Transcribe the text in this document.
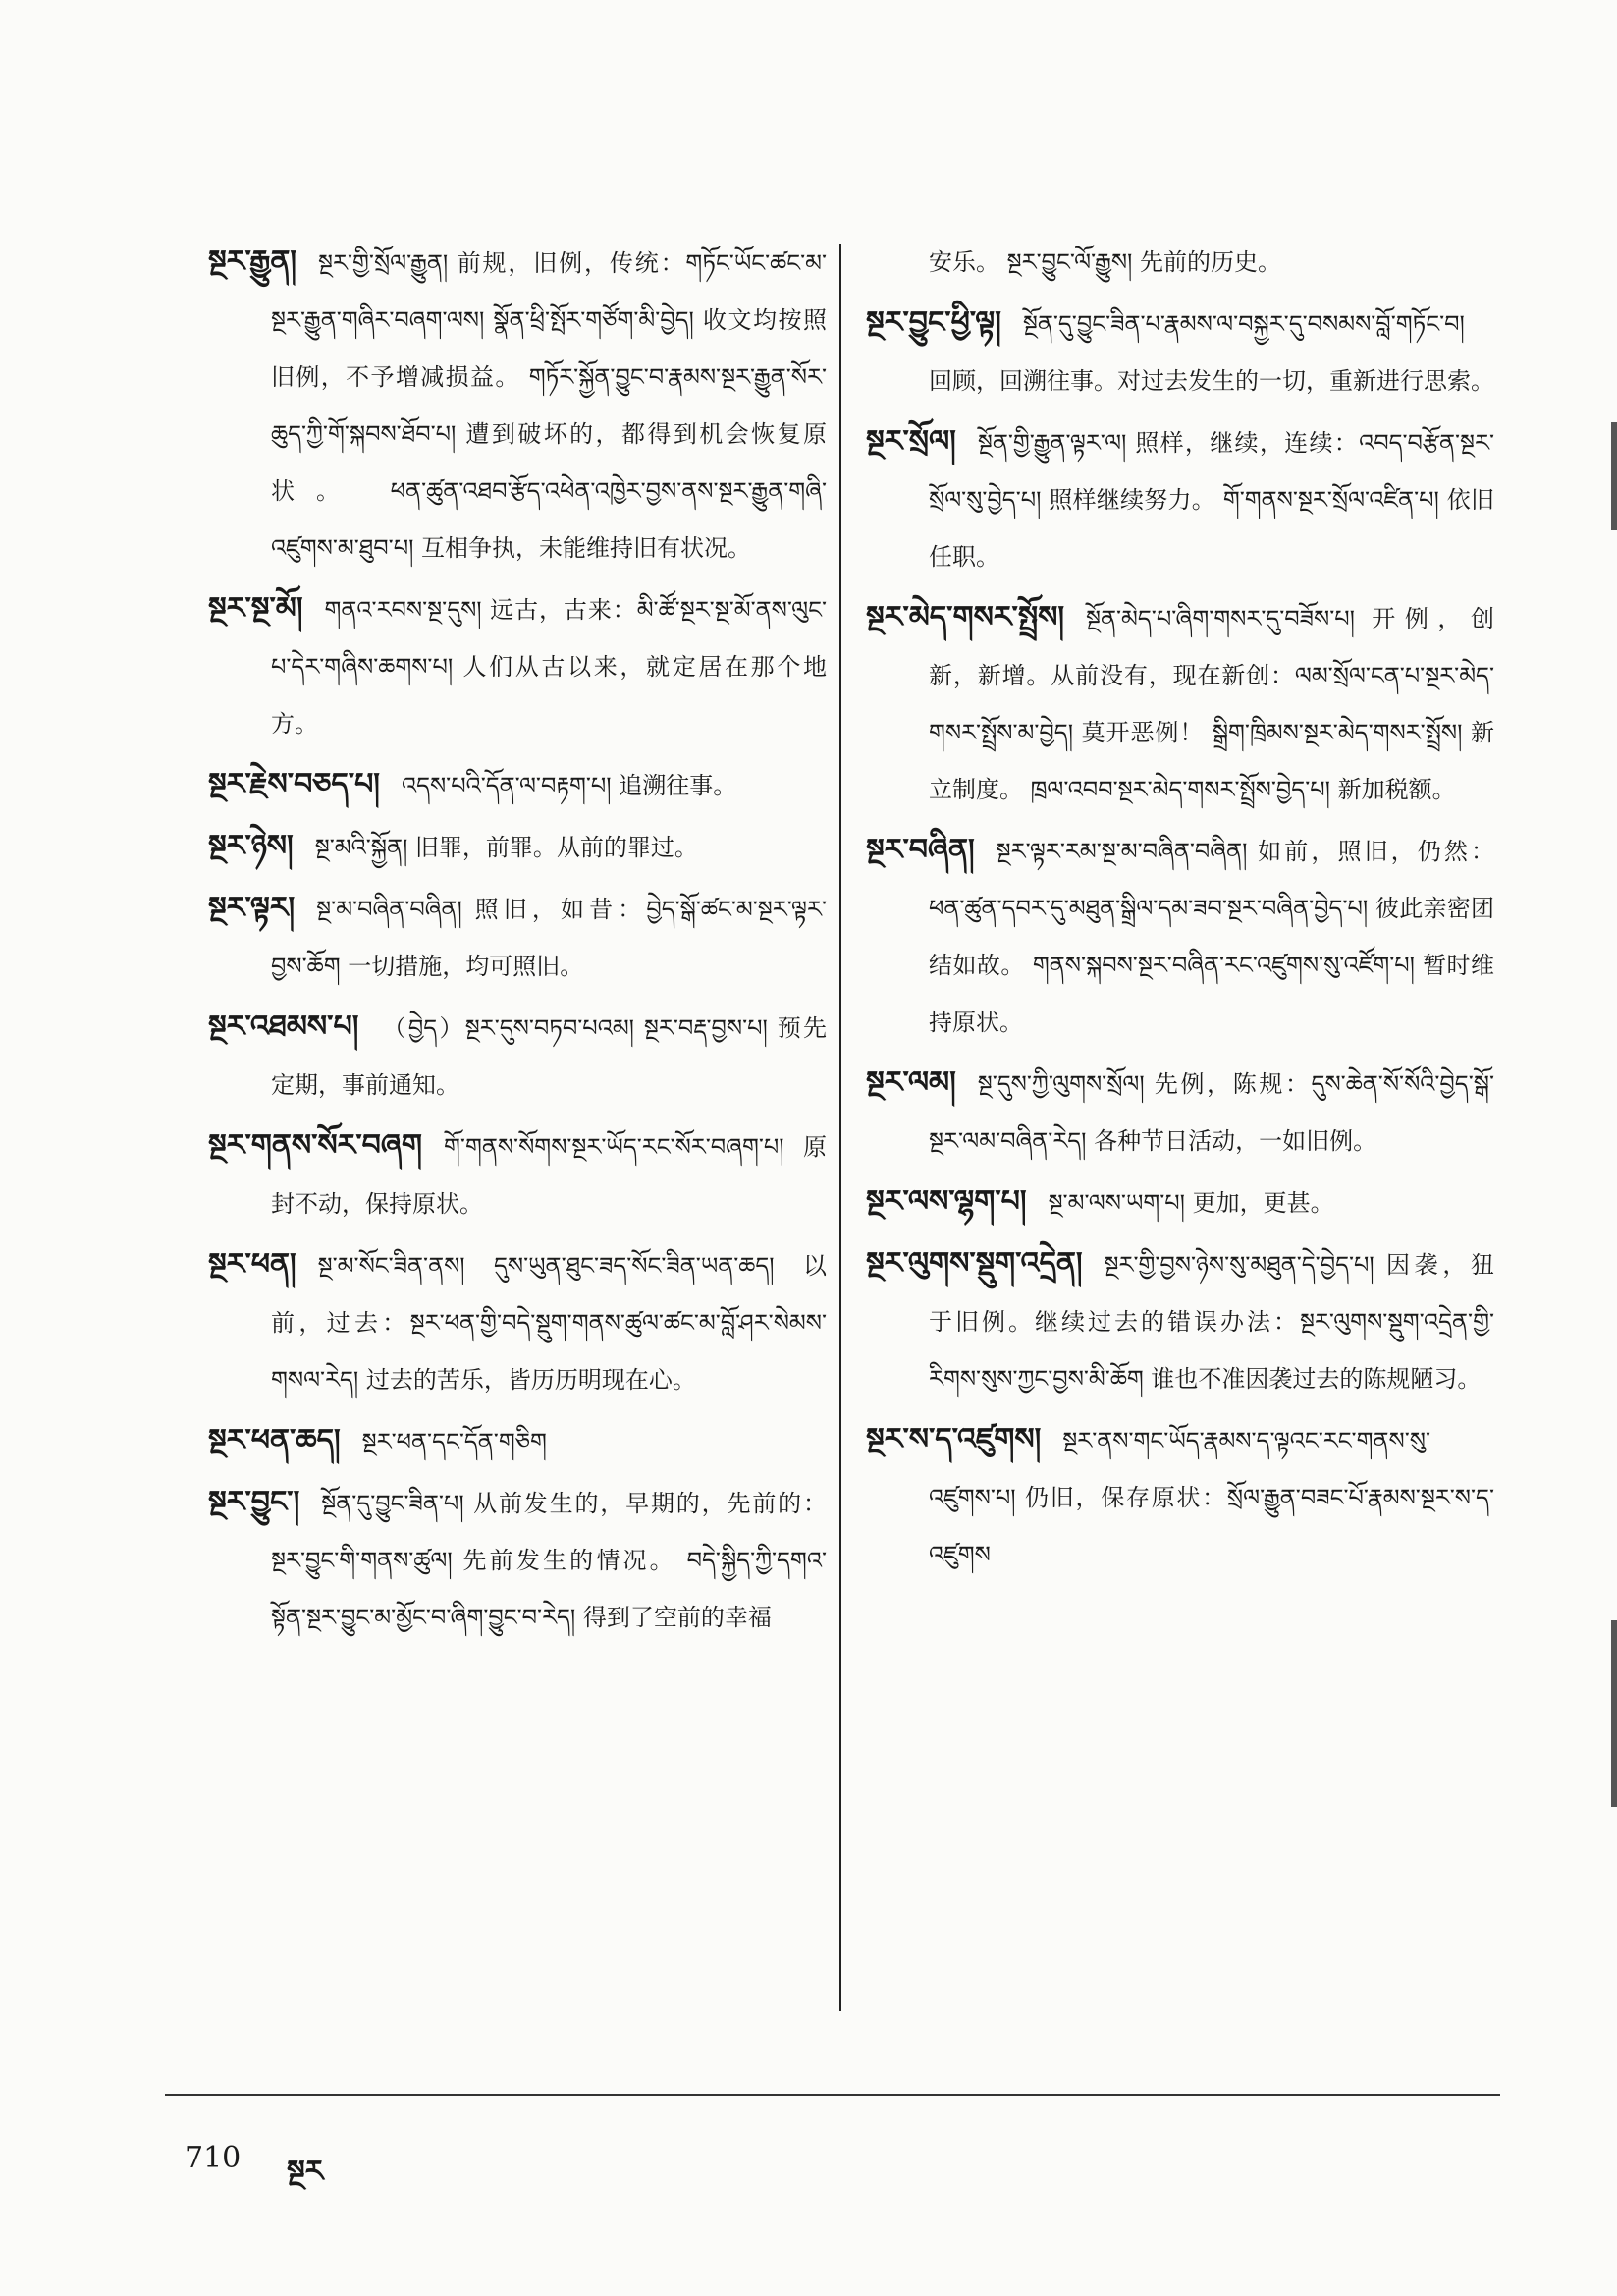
སྔར་རྒྱུན། སྔར་གྱི་སྲོལ་རྒྱུན། 前规，旧例，传统：གཏོང་ཡོང་ཚང་མ་སྔར་རྒྱུན་གཞིར་བཞག་ལས། སྣོན་ཕྲི་སྤོར་གཙོག་མི་བྱེད། 收文均按照旧例，不予增减损益。 གཏོར་སྐྱོན་བྱུང་བ་རྣམས་སྔར་རྒྱུན་སོར་ཆུད་ཀྱི་གོ་སྐབས་ཐོབ་པ། 遭到破坏的，都得到机会恢复原状。 ཕན་ཚུན་འཐབ་རྩོད་འཕེན་འཁྱེར་བྱས་ནས་སྔར་རྒྱུན་གཞི་འཛུགས་མ་ཐུབ་པ། 互相争执，未能维持旧有状况。

སྔར་སྔ་མོ། གནའ་རབས་སྔ་དུས། 远古，古来：མི་ཚོ་སྔར་སྔ་མོ་ནས་ལུང་པ་དེར་གཞིས་ཆགས་པ། 人们从古以来，就定居在那个地方。

སྔར་རྗེས་བཅད་པ། འདས་པའི་དོན་ལ་བརྟག་པ། 追溯往事。

སྔར་ཉེས། སྔ་མའི་སྐྱོན། 旧罪，前罪。从前的罪过。

སྔར་ལྟར། སྔ་མ་བཞིན་བཞིན། 照旧，如昔：བྱེད་སྒོ་ཚང་མ་སྔར་ལྟར་བྱས་ཆོག 一切措施，均可照旧。

སྔར་འཐམས་པ། （བྱེད）སྔར་དུས་བཏབ་པའམ། སྔར་བརྡ་བྱས་པ། 预先定期，事前通知。

སྔར་གནས་སོར་བཞག གོ་གནས་སོགས་སྔར་ཡོད་རང་སོར་བཞག་པ། 原封不动，保持原状。

སྔར་ཕན། སྔ་མ་སོང་ཟིན་ནས། དུས་ཡུན་ཐུང་ཟད་སོང་ཟིན་ཡན་ཆད། 以前，过去：སྔར་ཕན་གྱི་བདེ་སྡུག་གནས་ཚུལ་ཚང་མ་བློ་ཤར་སེམས་གསལ་རེད། 过去的苦乐，皆历历明现在心。

སྔར་ཕན་ཆད། སྔར་ཕན་དང་དོན་གཅིག

སྔར་བྱུང་། སྔོན་དུ་བྱུང་ཟིན་པ། 从前发生的，早期的，先前的：སྔར་བྱུང་གི་གནས་ཚུལ། 先前发生的情况。 བདེ་སྐྱིད་ཀྱི་དགའ་སྟོན་སྔར་བྱུང་མ་མྱོང་བ་ཞིག་བྱུང་བ་རེད། 得到了空前的幸福

安乐。 སྔར་བྱུང་ལོ་རྒྱུས། 先前的历史。

སྔར་བྱུང་ཕྱི་ལྟ། སྔོན་དུ་བྱུང་ཟིན་པ་རྣམས་ལ་བསྐྱར་དུ་བསམས་བློ་གཏོང་བ། 回顾，回溯往事。对过去发生的一切，重新进行思索。

སྔར་སྲོལ། སྔོན་གྱི་རྒྱུན་ལྟར་ལ། 照样，继续，连续：འབད་བརྩོན་སྔར་སྲོལ་སུ་བྱེད་པ། 照样继续努力。 གོ་གནས་སྔར་སྲོལ་འཛིན་པ། 依旧任职。

སྔར་མེད་གསར་སྤྲོས། སྔོན་མེད་པ་ཞིག་གསར་དུ་བཟོས་པ། 开例，创新，新增。从前没有，现在新创：ལམ་སྲོལ་ངན་པ་སྔར་མེད་གསར་སྤྲོས་མ་བྱེད། 莫开恶例！ སྒྲིག་ཁྲིམས་སྔར་མེད་གསར་སྤྲོས། 新立制度。 ཁྲལ་འབབ་སྔར་མེད་གསར་སྤྲོས་བྱེད་པ། 新加税额。

སྔར་བཞིན། སྔར་ལྟར་རམ་སྔ་མ་བཞིན་བཞིན། 如前，照旧，仍然：ཕན་ཚུན་དབར་དུ་མཐུན་སྒྲིལ་དམ་ཟབ་སྔར་བཞིན་བྱེད་པ། 彼此亲密团结如故。 གནས་སྐབས་སྔར་བཞིན་རང་འཛུགས་སུ་འཛོག་པ། 暂时维持原状。

སྔར་ལམ། སྔ་དུས་ཀྱི་ལུགས་སྲོལ། 先例，陈规：དུས་ཆེན་སོ་སོའི་བྱེད་སྒོ་སྔར་ལམ་བཞིན་རེད། 各种节日活动，一如旧例。

སྔར་ལས་ལྷག་པ། སྔ་མ་ལས་ཡག་པ། 更加，更甚。

སྔར་ལུགས་སྡུག་འདྲེན། སྔར་གྱི་བྱས་ཉེས་སུ་མཐུན་དེ་བྱེད་པ། 因袭，狃于旧例。继续过去的错误办法：སྔར་ལུགས་སྡུག་འདྲེན་གྱི་རིགས་སུས་ཀྱང་བྱས་མི་ཆོག 谁也不准因袭过去的陈规陋习。

སྔར་ས་ད་འཛུགས། སྔར་ནས་གང་ཡོད་རྣམས་ད་ལྟའང་རང་གནས་སུ་འཛུགས་པ། 仍旧，保存原状：སྲོལ་རྒྱུན་བཟང་པོ་རྣམས་སྔར་ས་ད་འཛུགས

710 སྔར
